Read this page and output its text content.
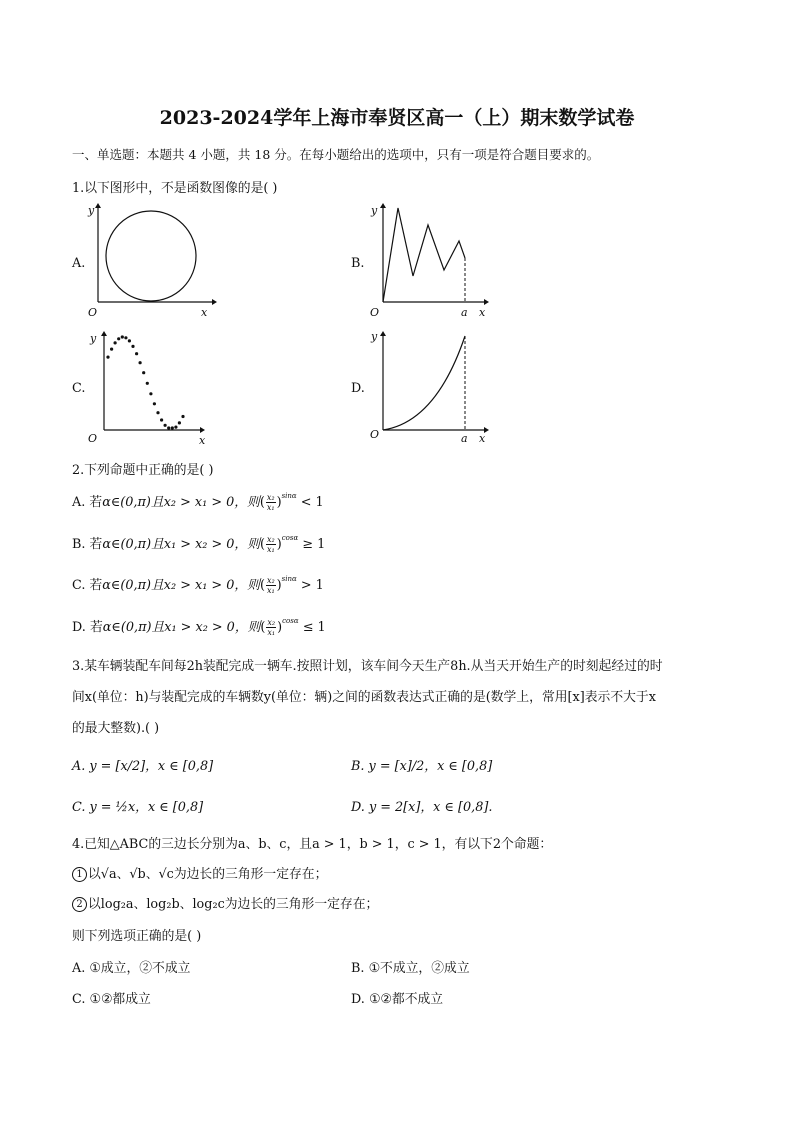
2023-2024学年上海市奉贤区高一（上）期末数学试卷
一、单选题：本题共 4 小题，共 18 分。在每小题给出的选项中，只有一项是符合题目要求的。
1.以下图形中，不是函数图像的是( )
A.
y
O	x
B.
y
O	a x
C.
y
O	x
D.
y
O	a x
2.下列命题中正确的是( )
A. 若α∈(0,π)且x₂ > x₁ > 0，则( $\frac{\text{x₂}}{\text{x₁}} )^{sin\alpha} < 1$
B. 若α∈(0,π)且x₁ > x₂ > 0，则( $\frac{\text{x₂}}{\text{x₁}} )^{cos\alpha} \ge 1$
C. 若α∈(0,π)且x₂ > x₁ > 0，则( $\frac{\text{x₂}}{\text{x₁}} )^{sin\alpha} > 1$
D. 若α∈(0,π)且x₁ > x₂ > 0，则( $\frac{\text{x₂}}{\text{x₁}} )^{cos\alpha} \le 1$
3.某车辆装配车间每2h装配完成一辆车.按照计划，该车间今天生产8h.从当天开始生产的时刻起经过的时
间x(单位：h)与装配完成的车辆数y(单位：辆)之间的函数表达式正确的是(数学上，常用[x]表示不大于x
的最大整数).( )
A. y = [x/2]，x ∈ [0,8]	B. y = [x]/2，x ∈ [0,8]
C. y = ½x，x ∈ [0,8]	D. y = 2[x]，x ∈ [0,8].
4.已知△ABC的三边长分别为a、b、c，且a > 1，b > 1，c > 1，有以下2个命题：
1 以√a、√b、√c为边长的三角形一定存在；
2 以log₂a、log₂b、log₂c为边长的三角形一定存在；
则下列选项正确的是( )
A. ①成立，②不成立	B. ①不成立，②成立
C. ①②都成立	D. ①②都不成立
